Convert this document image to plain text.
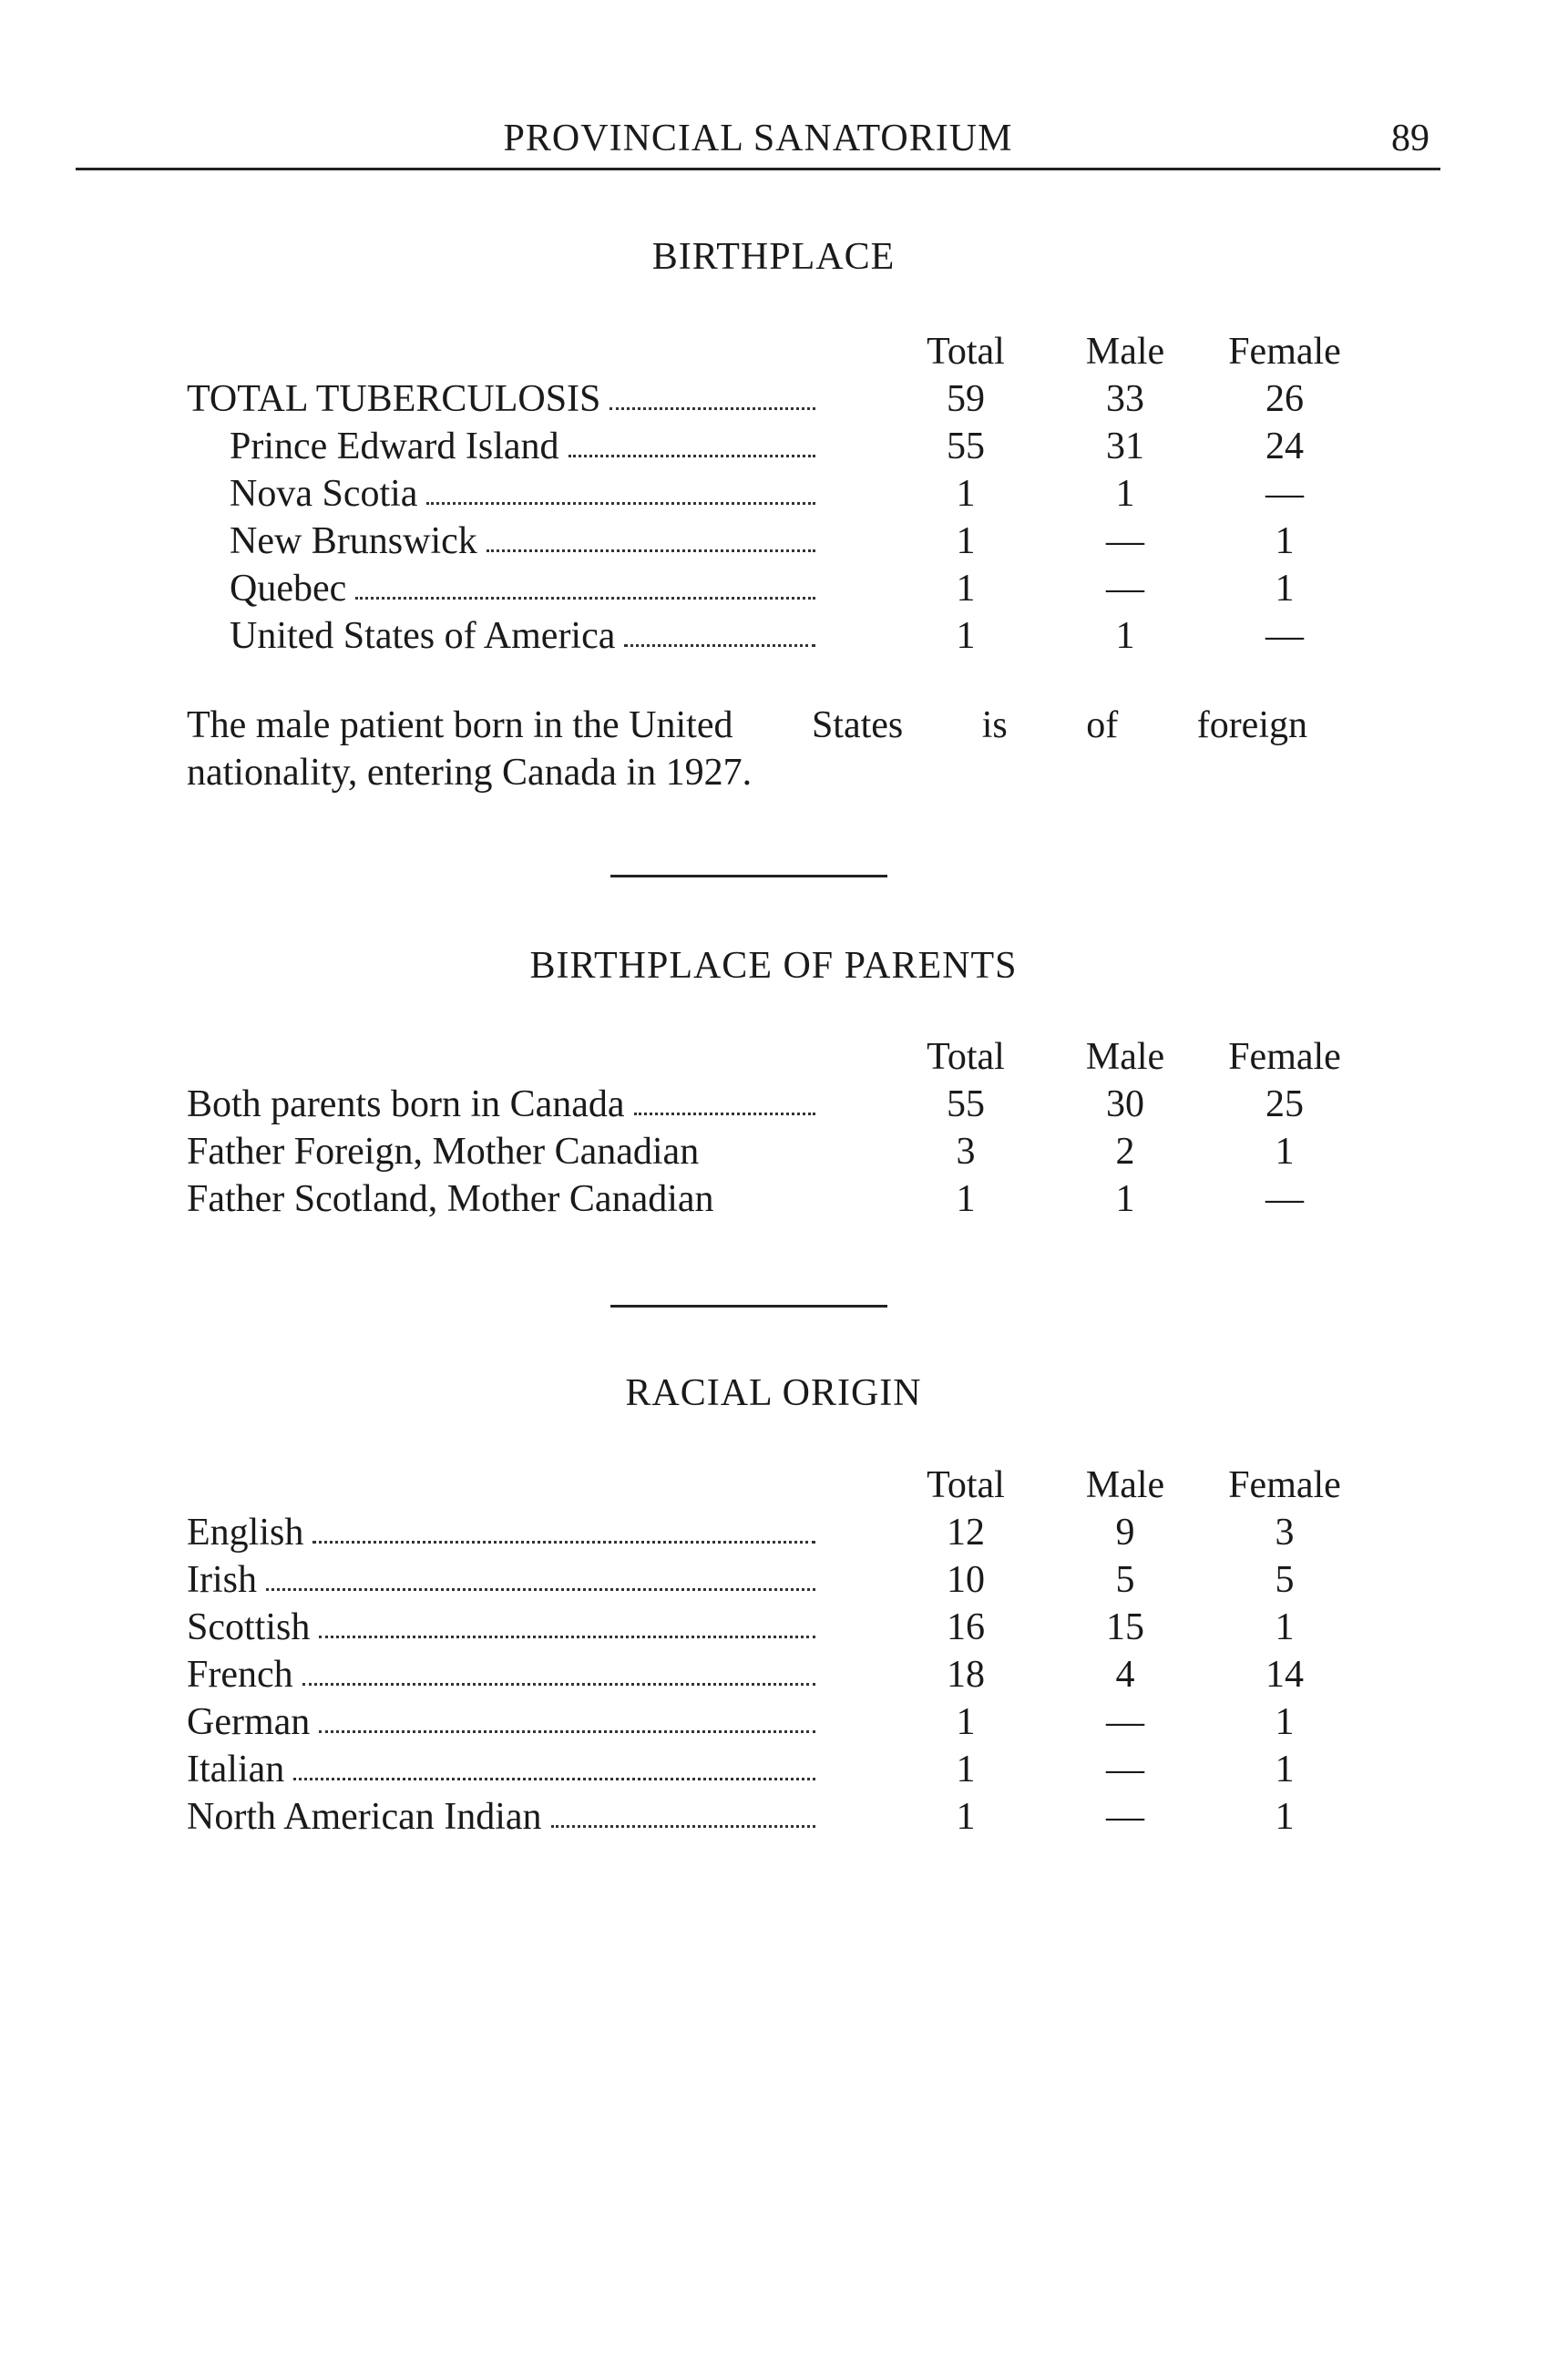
PROVINCIAL SANATORIUM	89
BIRTHPLACE
Total	Male	Female
TOTAL TUBERCULOSIS	59	33	26
Prince Edward Island	55	31	24
Nova Scotia	1	1	—
New Brunswick	1	—	1
Quebec	1	—	1
United States of America	1	1	—
The male patient born in the United States is of foreign
nationality, entering Canada in 1927.
BIRTHPLACE OF PARENTS
Total	Male	Female
Both parents born in Canada	55	30	25
Father Foreign, Mother Canadian	3	2	1
Father Scotland, Mother Canadian	1	1	—
RACIAL ORIGIN
Total	Male	Female
English	12	9	3
Irish	10	5	5
Scottish	16	15	1
French	18	4	14
German	1	—	1
Italian	1	—	1
North American Indian	1	—	1
